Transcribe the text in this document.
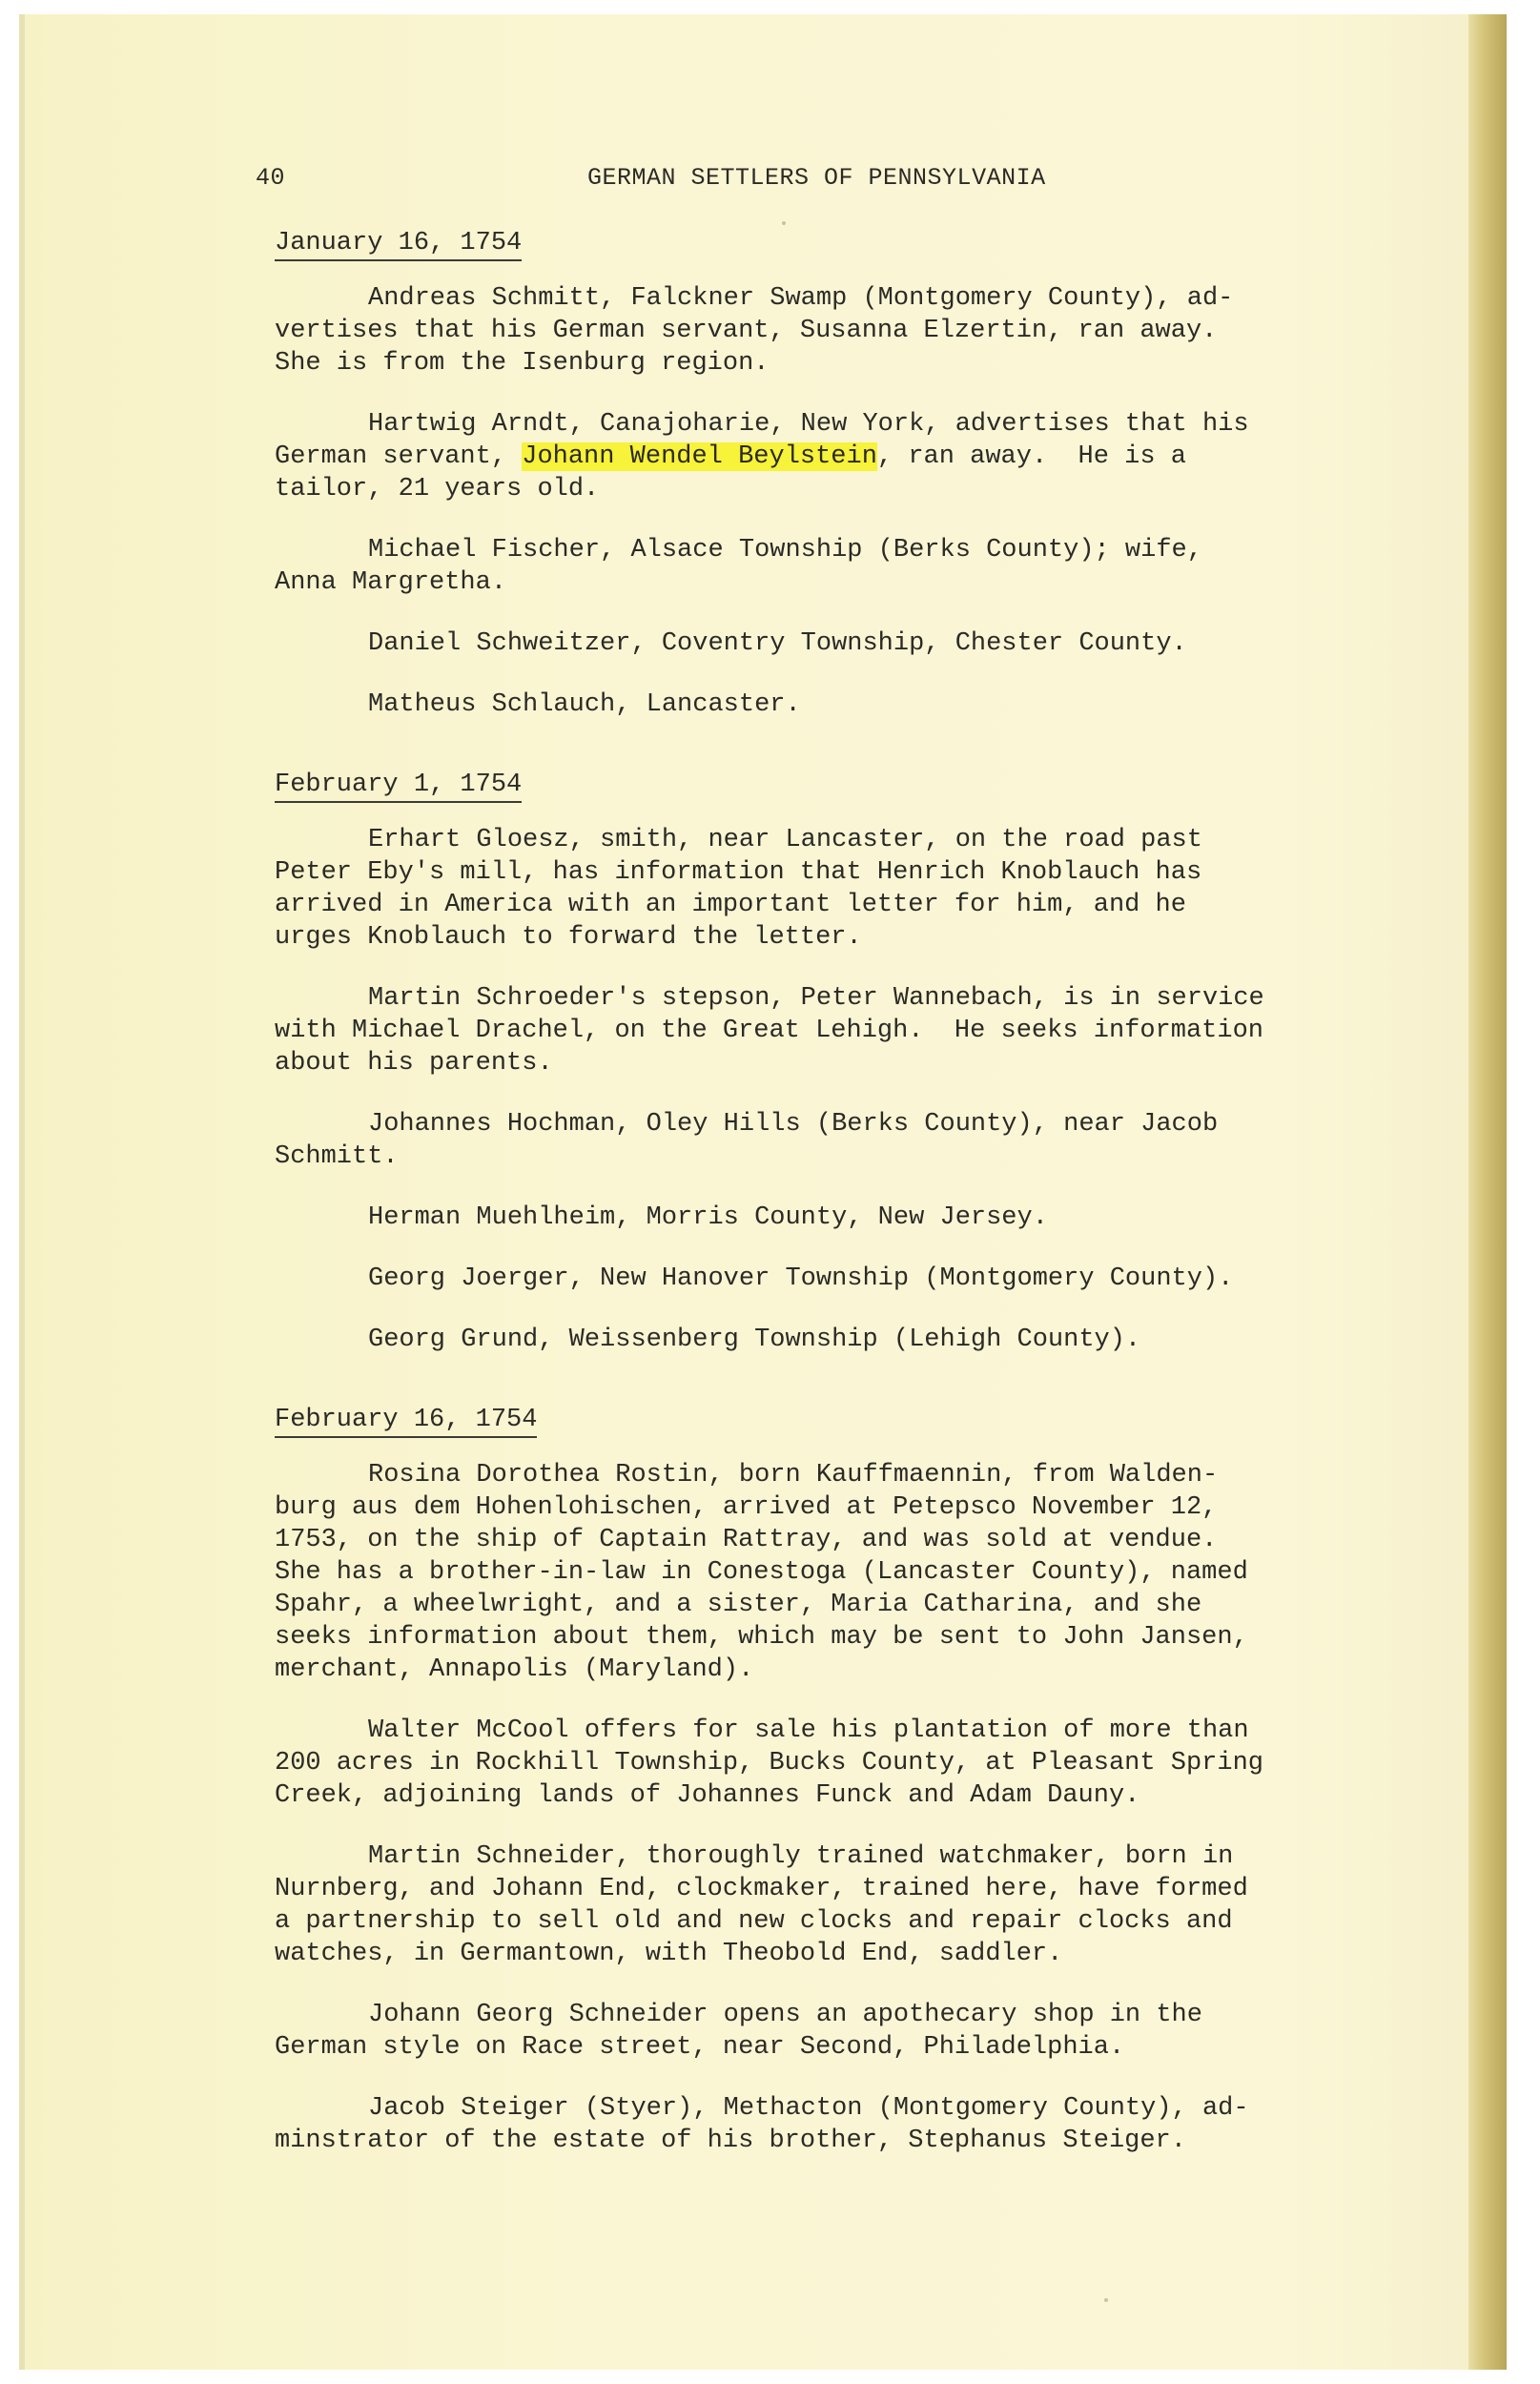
40	GERMAN SETTLERS OF PENNSYLVANIA
January 16, 1754
Andreas Schmitt, Falckner Swamp (Montgomery County), ad-
vertises that his German servant, Susanna Elzertin, ran away.
She is from the Isenburg region.
Hartwig Arndt, Canajoharie, New York, advertises that his
German servant, Johann Wendel Beylstein, ran away.  He is a
tailor, 21 years old.
Michael Fischer, Alsace Township (Berks County); wife,
Anna Margretha.
Daniel Schweitzer, Coventry Township, Chester County.
Matheus Schlauch, Lancaster.
February 1, 1754
Erhart Gloesz, smith, near Lancaster, on the road past
Peter Eby's mill, has information that Henrich Knoblauch has
arrived in America with an important letter for him, and he
urges Knoblauch to forward the letter.
Martin Schroeder's stepson, Peter Wannebach, is in service
with Michael Drachel, on the Great Lehigh.  He seeks information
about his parents.
Johannes Hochman, Oley Hills (Berks County), near Jacob
Schmitt.
Herman Muehlheim, Morris County, New Jersey.
Georg Joerger, New Hanover Township (Montgomery County).
Georg Grund, Weissenberg Township (Lehigh County).
February 16, 1754
Rosina Dorothea Rostin, born Kauffmaennin, from Walden-
burg aus dem Hohenlohischen, arrived at Petepsco November 12,
1753, on the ship of Captain Rattray, and was sold at vendue.
She has a brother-in-law in Conestoga (Lancaster County), named
Spahr, a wheelwright, and a sister, Maria Catharina, and she
seeks information about them, which may be sent to John Jansen,
merchant, Annapolis (Maryland).
Walter McCool offers for sale his plantation of more than
200 acres in Rockhill Township, Bucks County, at Pleasant Spring
Creek, adjoining lands of Johannes Funck and Adam Dauny.
Martin Schneider, thoroughly trained watchmaker, born in
Nurnberg, and Johann End, clockmaker, trained here, have formed
a partnership to sell old and new clocks and repair clocks and
watches, in Germantown, with Theobold End, saddler.
Johann Georg Schneider opens an apothecary shop in the
German style on Race street, near Second, Philadelphia.
Jacob Steiger (Styer), Methacton (Montgomery County), ad-
minstrator of the estate of his brother, Stephanus Steiger.
